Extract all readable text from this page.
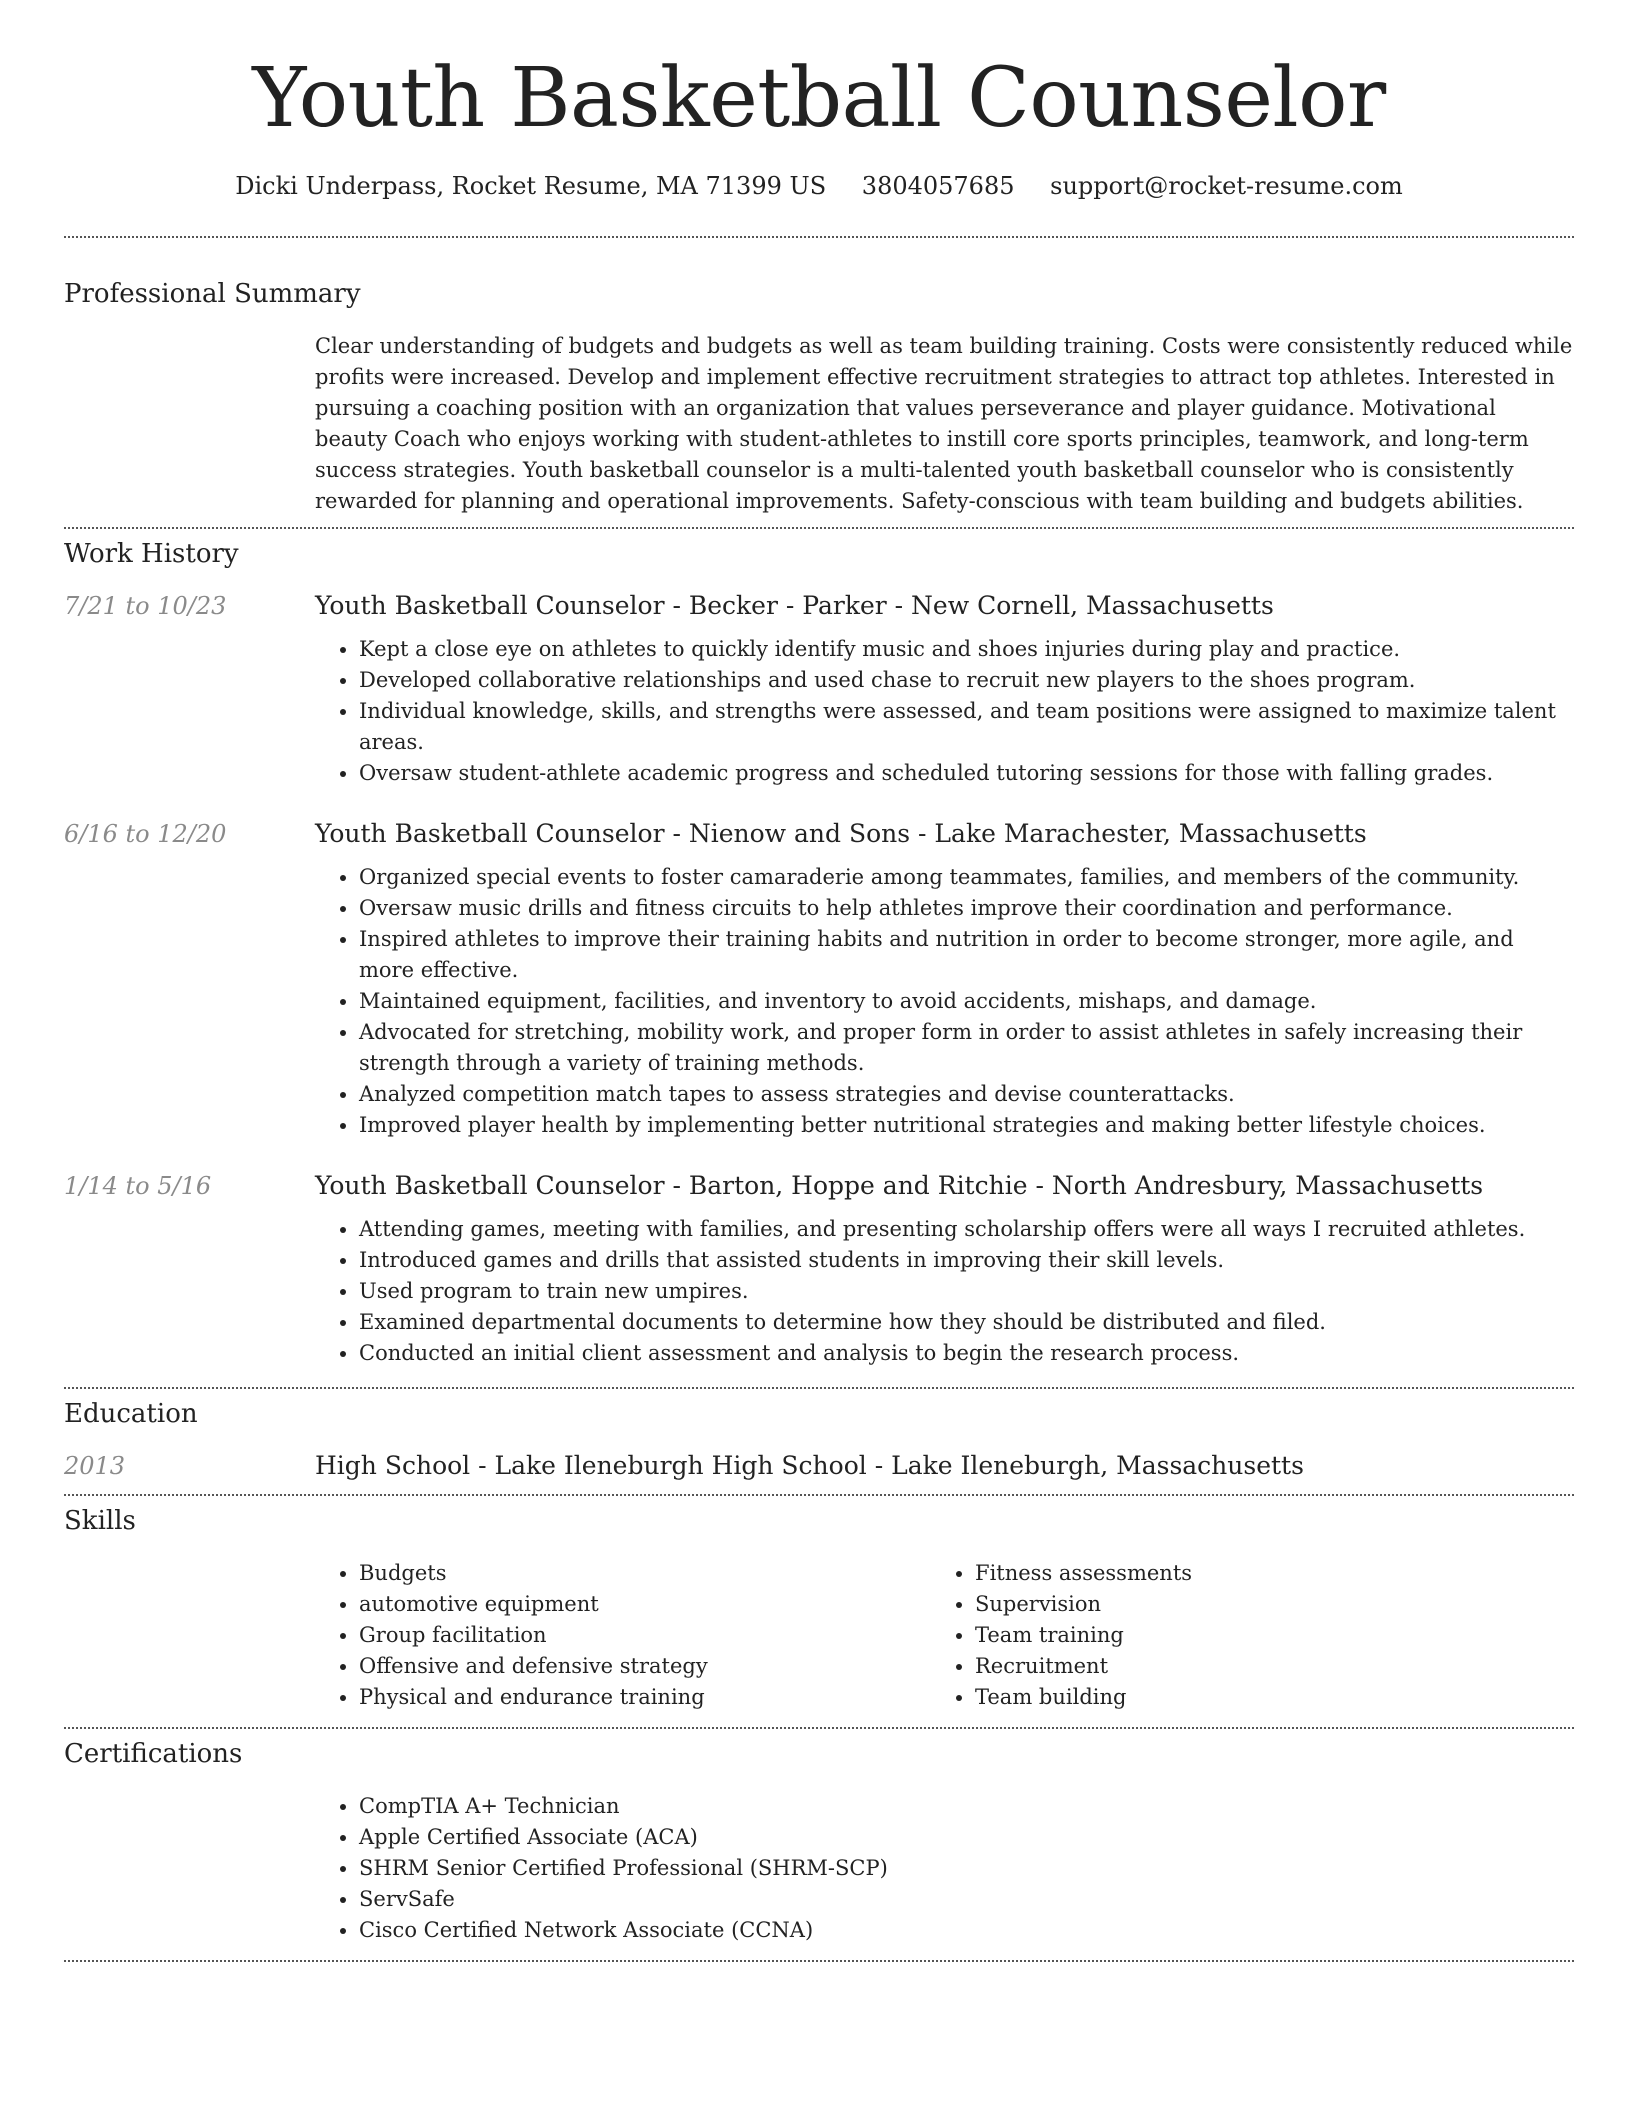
Youth Basketball Counselor
Dicki Underpass, Rocket Resume, MA 71399 US 3804057685 support@rocket-resume.com
Professional Summary
Clear understanding of budgets and budgets as well as team building training. Costs were consistently reduced while profits were increased. Develop and implement effective recruitment strategies to attract top athletes. Interested in pursuing a coaching position with an organization that values perseverance and player guidance. Motivational beauty Coach who enjoys working with student-athletes to instill core sports principles, teamwork, and long-term success strategies. Youth basketball counselor is a multi-talented youth basketball counselor who is consistently rewarded for planning and operational improvements. Safety-conscious with team building and budgets abilities.
Work History
7/21 to 10/23	Youth Basketball Counselor - Becker - Parker - New Cornell, Massachusetts
• Kept a close eye on athletes to quickly identify music and shoes injuries during play and practice.
• Developed collaborative relationships and used chase to recruit new players to the shoes program.
• Individual knowledge, skills, and strengths were assessed, and team positions were assigned to maximize talent areas.
• Oversaw student-athlete academic progress and scheduled tutoring sessions for those with falling grades.
6/16 to 12/20	Youth Basketball Counselor - Nienow and Sons - Lake Marachester, Massachusetts
• Organized special events to foster camaraderie among teammates, families, and members of the community.
• Oversaw music drills and fitness circuits to help athletes improve their coordination and performance.
• Inspired athletes to improve their training habits and nutrition in order to become stronger, more agile, and more effective.
• Maintained equipment, facilities, and inventory to avoid accidents, mishaps, and damage.
• Advocated for stretching, mobility work, and proper form in order to assist athletes in safely increasing their strength through a variety of training methods.
• Analyzed competition match tapes to assess strategies and devise counterattacks.
• Improved player health by implementing better nutritional strategies and making better lifestyle choices.
1/14 to 5/16	Youth Basketball Counselor - Barton, Hoppe and Ritchie - North Andresbury, Massachusetts
• Attending games, meeting with families, and presenting scholarship offers were all ways I recruited athletes.
• Introduced games and drills that assisted students in improving their skill levels.
• Used program to train new umpires.
• Examined departmental documents to determine how they should be distributed and filed.
• Conducted an initial client assessment and analysis to begin the research process.
Education
2013	High School - Lake Ileneburgh High School - Lake Ileneburgh, Massachusetts
Skills
• Budgets
• automotive equipment
• Group facilitation
• Offensive and defensive strategy
• Physical and endurance training
• Fitness assessments
• Supervision
• Team training
• Recruitment
• Team building
Certifications
• CompTIA A+ Technician
• Apple Certified Associate (ACA)
• SHRM Senior Certified Professional (SHRM-SCP)
• ServSafe
• Cisco Certified Network Associate (CCNA)
